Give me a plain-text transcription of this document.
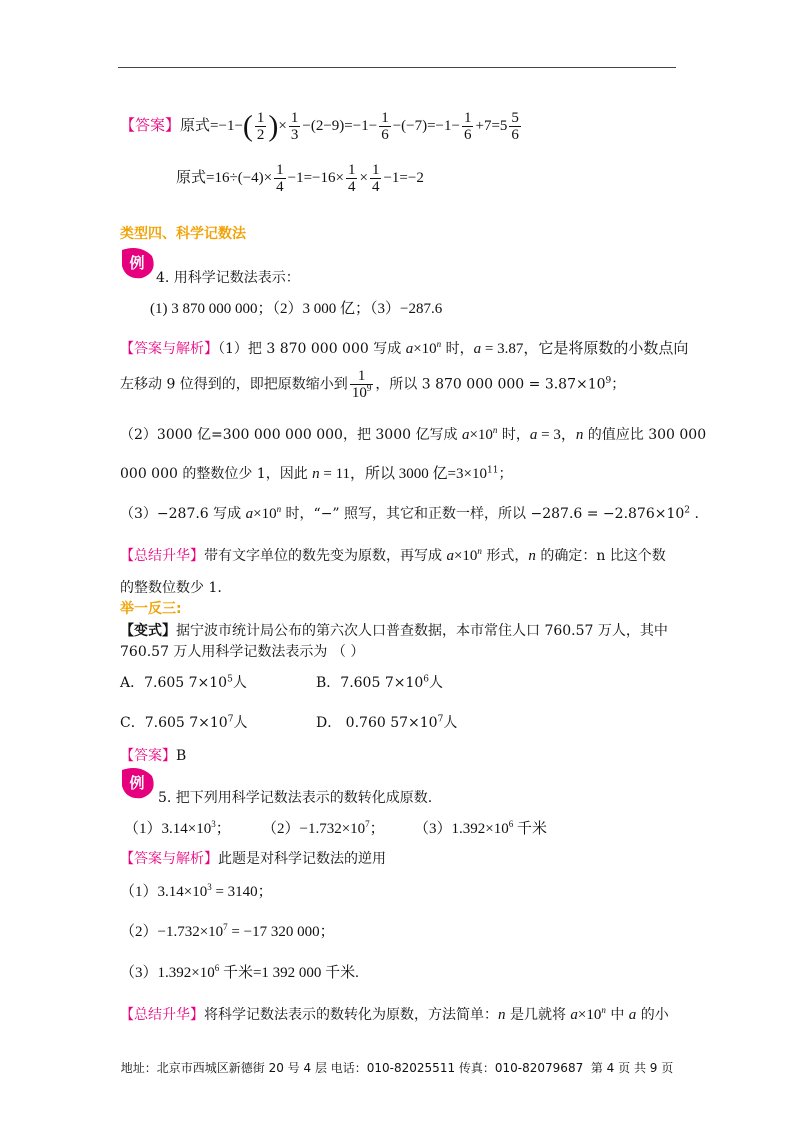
【答案】原式$=-1-( \frac{1}{2}$ )× $\frac{1}{3} -(2-9)=-1- \frac{1}{6} -(-7)=-1- \frac{1}{6} +7=5 \frac{5}{6}$
原式$=16\div(-4)\times \frac{1}{4} -1=-16\times \frac{1}{4} \times \frac{1}{4} -1=-2$
类型四、科学记数法
例
4. 用科学记数法表示：
(1) 3 870 000 000；（2）3 000 亿；（3）−287.6
【答案与解析】（1）把 3 870 000 000 写成 $a\times 10^n$ 时，a = 3.87，它是将原数的小数点向
左移动 9 位得到的，即把原数缩小到 $\frac{1}{10^9}$ ，所以 3 870 000 $000 = 3.87\times 10^9$；
（2）3000 亿=300 000 000 000，把 3000 亿写成 $a\times 10^n$ 时，a = 3，n 的值应比 300 000
000 000 的整数位少 1，因此 n = 11，所以 3000 亿$=3\times 10^{11}$；
（3）−287.6 写成 $a\times 10^n$ 时，“−” 照写，其它和正数一样，所以 $-287.6 = -2.876\times 10^2$ .
【总结升华】带有文字单位的数先变为原数，再写成 $a\times 10^n$ 形式，n 的确定：n 比这个数
的整数位数少 1.
举一反三:
【变式】据宁波市统计局公布的第六次人口普查数据，本市常住人口 760.57 万人，其中
760.57 万人用科学记数法表示为 （ ）
A．7.605 $7\times 10^5$人	B．7.605 $7\times 10^6$人
C．7.605 $7\times 10^7$人	D． 0.760 $57\times 10^7$人
【答案】B
例
5. 把下列用科学记数法表示的数转化成原数.
$(1)3.14\times 10^3$； $(2)-1.732\times 10^7$； $(3)1.392\times 10^6$ 千米
【答案与解析】此题是对科学记数法的逆用
$(1)3.14\times 10^3 = 3140$；
$(2)-1.732\times 10^7 = -17$ 320 000；
$(3)1.392\times 10^6$ 千米=1 392 000 千米.
【总结升华】将科学记数法表示的数转化为原数，方法简单：n 是几就将 $a\times 10^n$ 中 a 的小
地址：北京市西城区新德街 20 号 4 层 电话：010-82025511 传真：010-82079687 第 4 页 共 9 页
